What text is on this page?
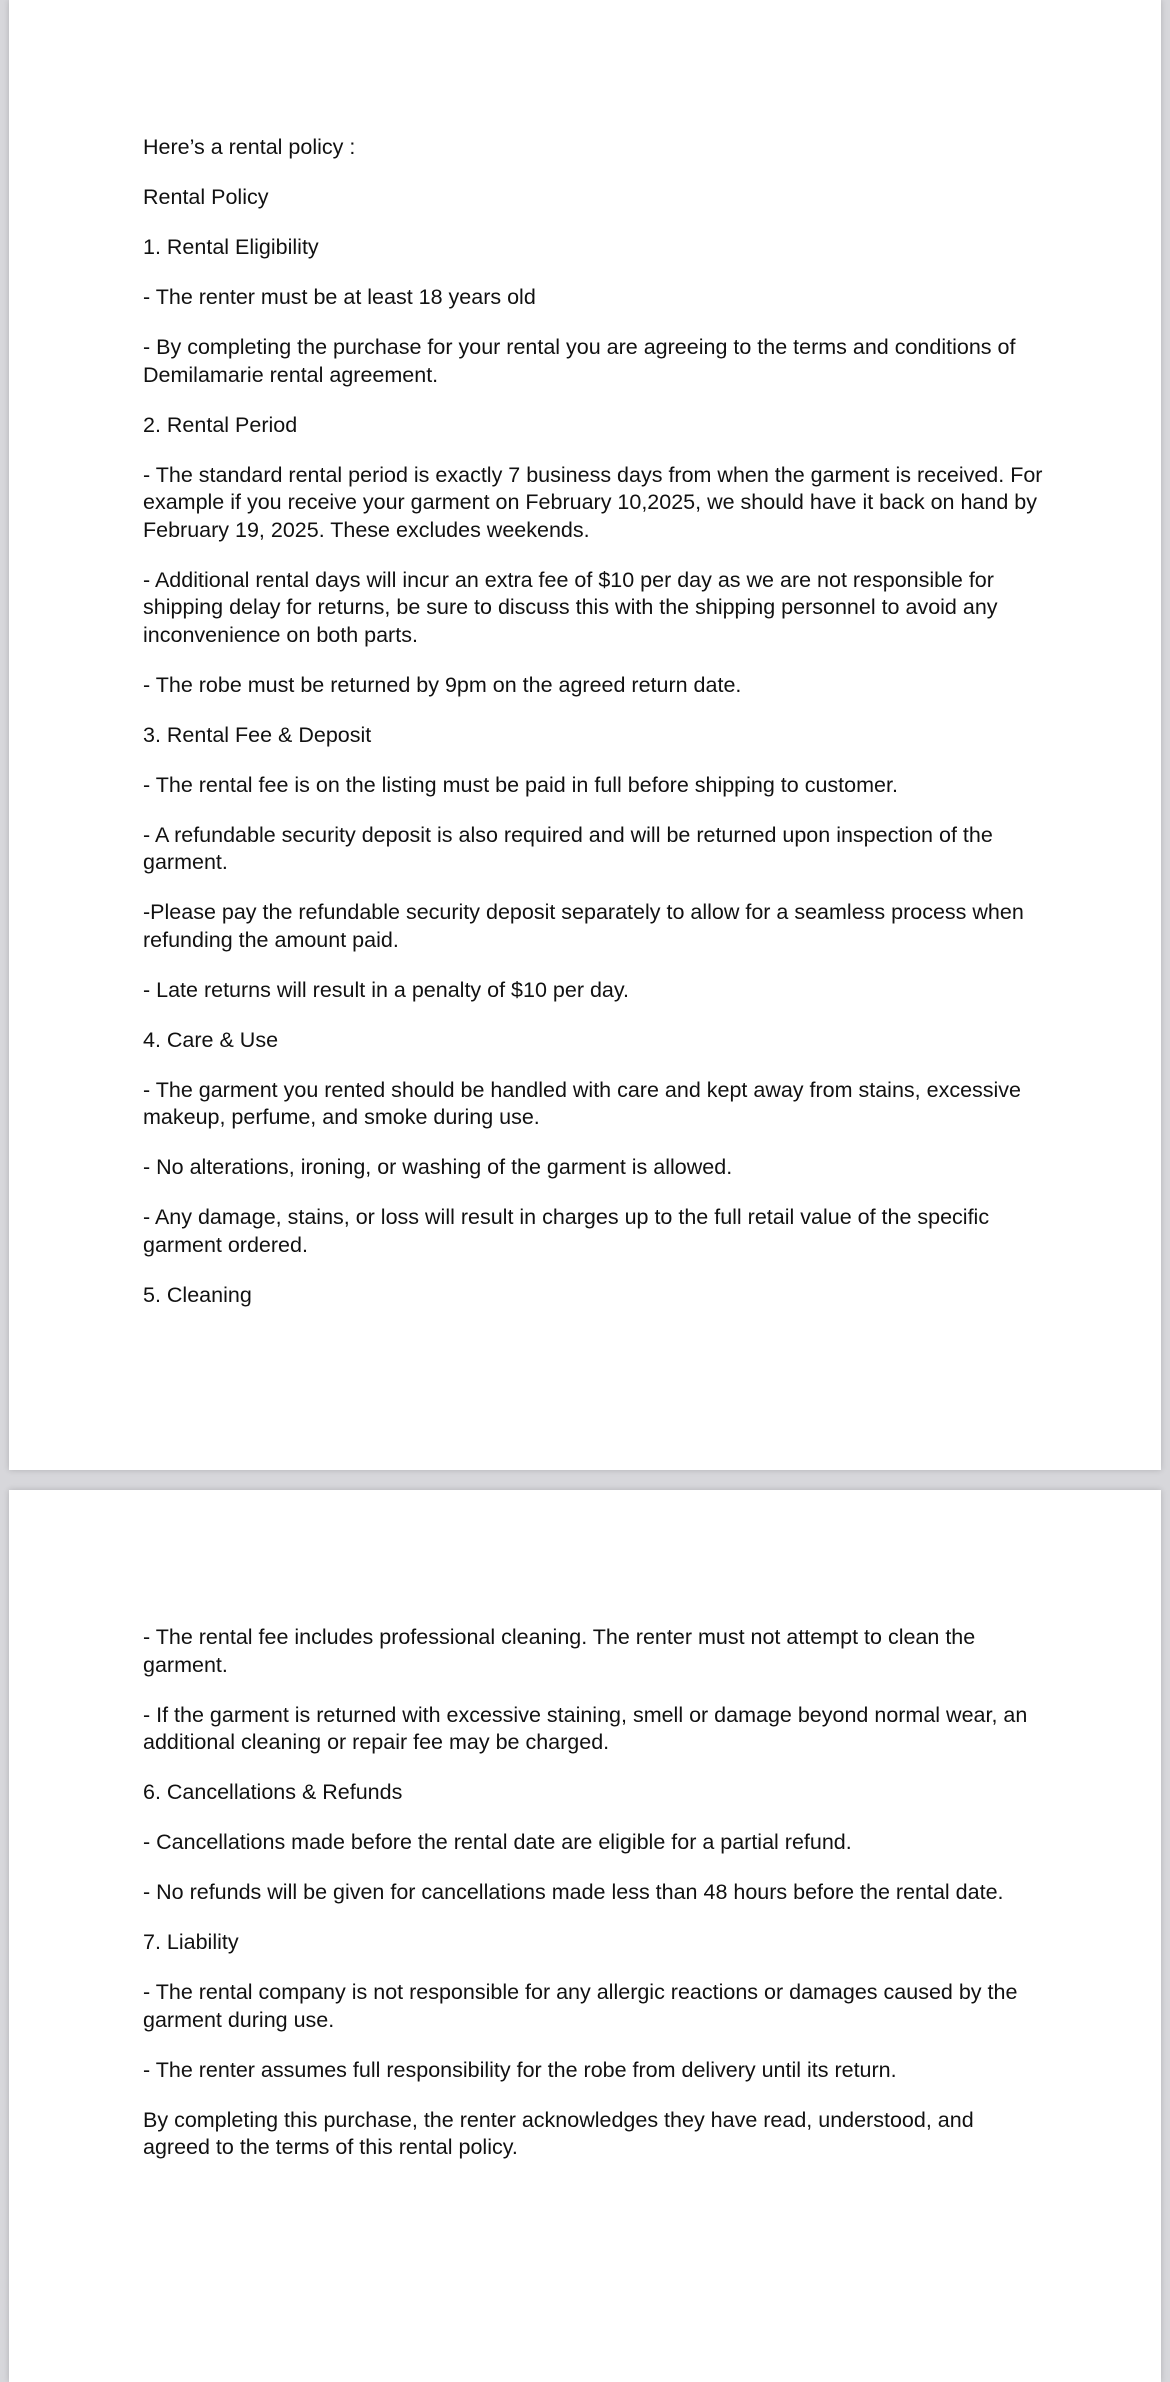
Here’s a rental policy :

Rental Policy

1. Rental Eligibility

- The renter must be at least 18 years old

- By completing the purchase for your rental you are agreeing to the terms and conditions of Demilamarie rental agreement.

2. Rental Period

- The standard rental period is exactly 7 business days from when the garment is received. For example if you receive your garment on February 10,2025, we should have it back on hand by February 19, 2025. These excludes weekends.

- Additional rental days will incur an extra fee of $10 per day as we are not responsible for shipping delay for returns, be sure to discuss this with the shipping personnel to avoid any inconvenience on both parts.

- The robe must be returned by 9pm on the agreed return date.

3. Rental Fee & Deposit

- The rental fee is on the listing must be paid in full before shipping to customer.

- A refundable security deposit is also required and will be returned upon inspection of the garment.

-Please pay the refundable security deposit separately to allow for a seamless process when refunding the amount paid.

- Late returns will result in a penalty of $10 per day.

4. Care & Use

- The garment you rented should be handled with care and kept away from stains, excessive makeup, perfume, and smoke during use.

- No alterations, ironing, or washing of the garment is allowed.

- Any damage, stains, or loss will result in charges up to the full retail value of the specific garment ordered.

5. Cleaning

- The rental fee includes professional cleaning. The renter must not attempt to clean the garment.

- If the garment is returned with excessive staining, smell or damage beyond normal wear, an additional cleaning or repair fee may be charged.

6. Cancellations & Refunds

- Cancellations made before the rental date are eligible for a partial refund.

- No refunds will be given for cancellations made less than 48 hours before the rental date.

7. Liability

- The rental company is not responsible for any allergic reactions or damages caused by the garment during use.

- The renter assumes full responsibility for the robe from delivery until its return.

By completing this purchase, the renter acknowledges they have read, understood, and agreed to the terms of this rental policy.
